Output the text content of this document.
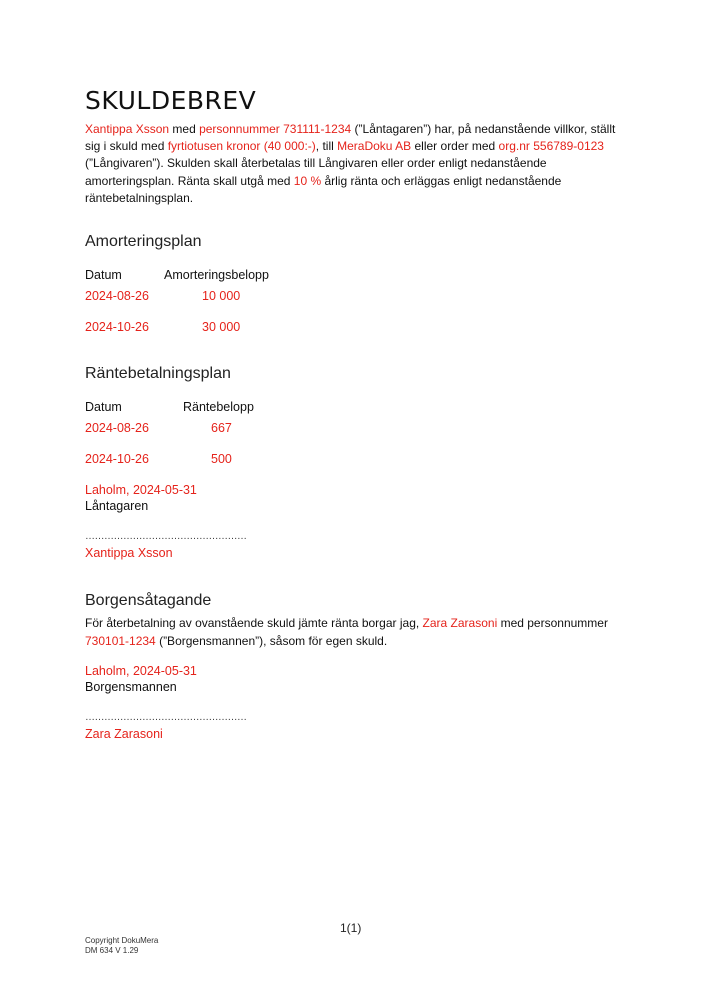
SKULDEBREV
Xantippa Xsson med personnummer 731111-1234 (”Låntagaren”) har, på nedanstående villkor, ställt sig i skuld med fyrtiotusen kronor (40 000:-), till MeraDoku AB eller order med org.nr 556789-0123 (”Långivaren”). Skulden skall återbetalas till Långivaren eller order enligt nedanstående amorteringsplan. Ränta skall utgå med 10 % årlig ränta och erläggas enligt nedanstående räntebetalningsplan.
Amorteringsplan
Datum	Amorteringsbelopp
2024-08-26	10 000
2024-10-26	30 000
Räntebetalningsplan
Datum	Räntebelopp
2024-08-26	667
2024-10-26	500
Laholm, 2024-05-31
Låntagaren
……………………………………………
Xantippa Xsson
Borgensåtagande
För återbetalning av ovanstående skuld jämte ränta borgar jag, Zara Zarasoni med personnummer 730101-1234 (”Borgensmannen”), såsom för egen skuld.
Laholm, 2024-05-31
Borgensmannen
……………………………………………
Zara Zarasoni
1(1)
Copyright DokuMera
DM 634 V 1.29
